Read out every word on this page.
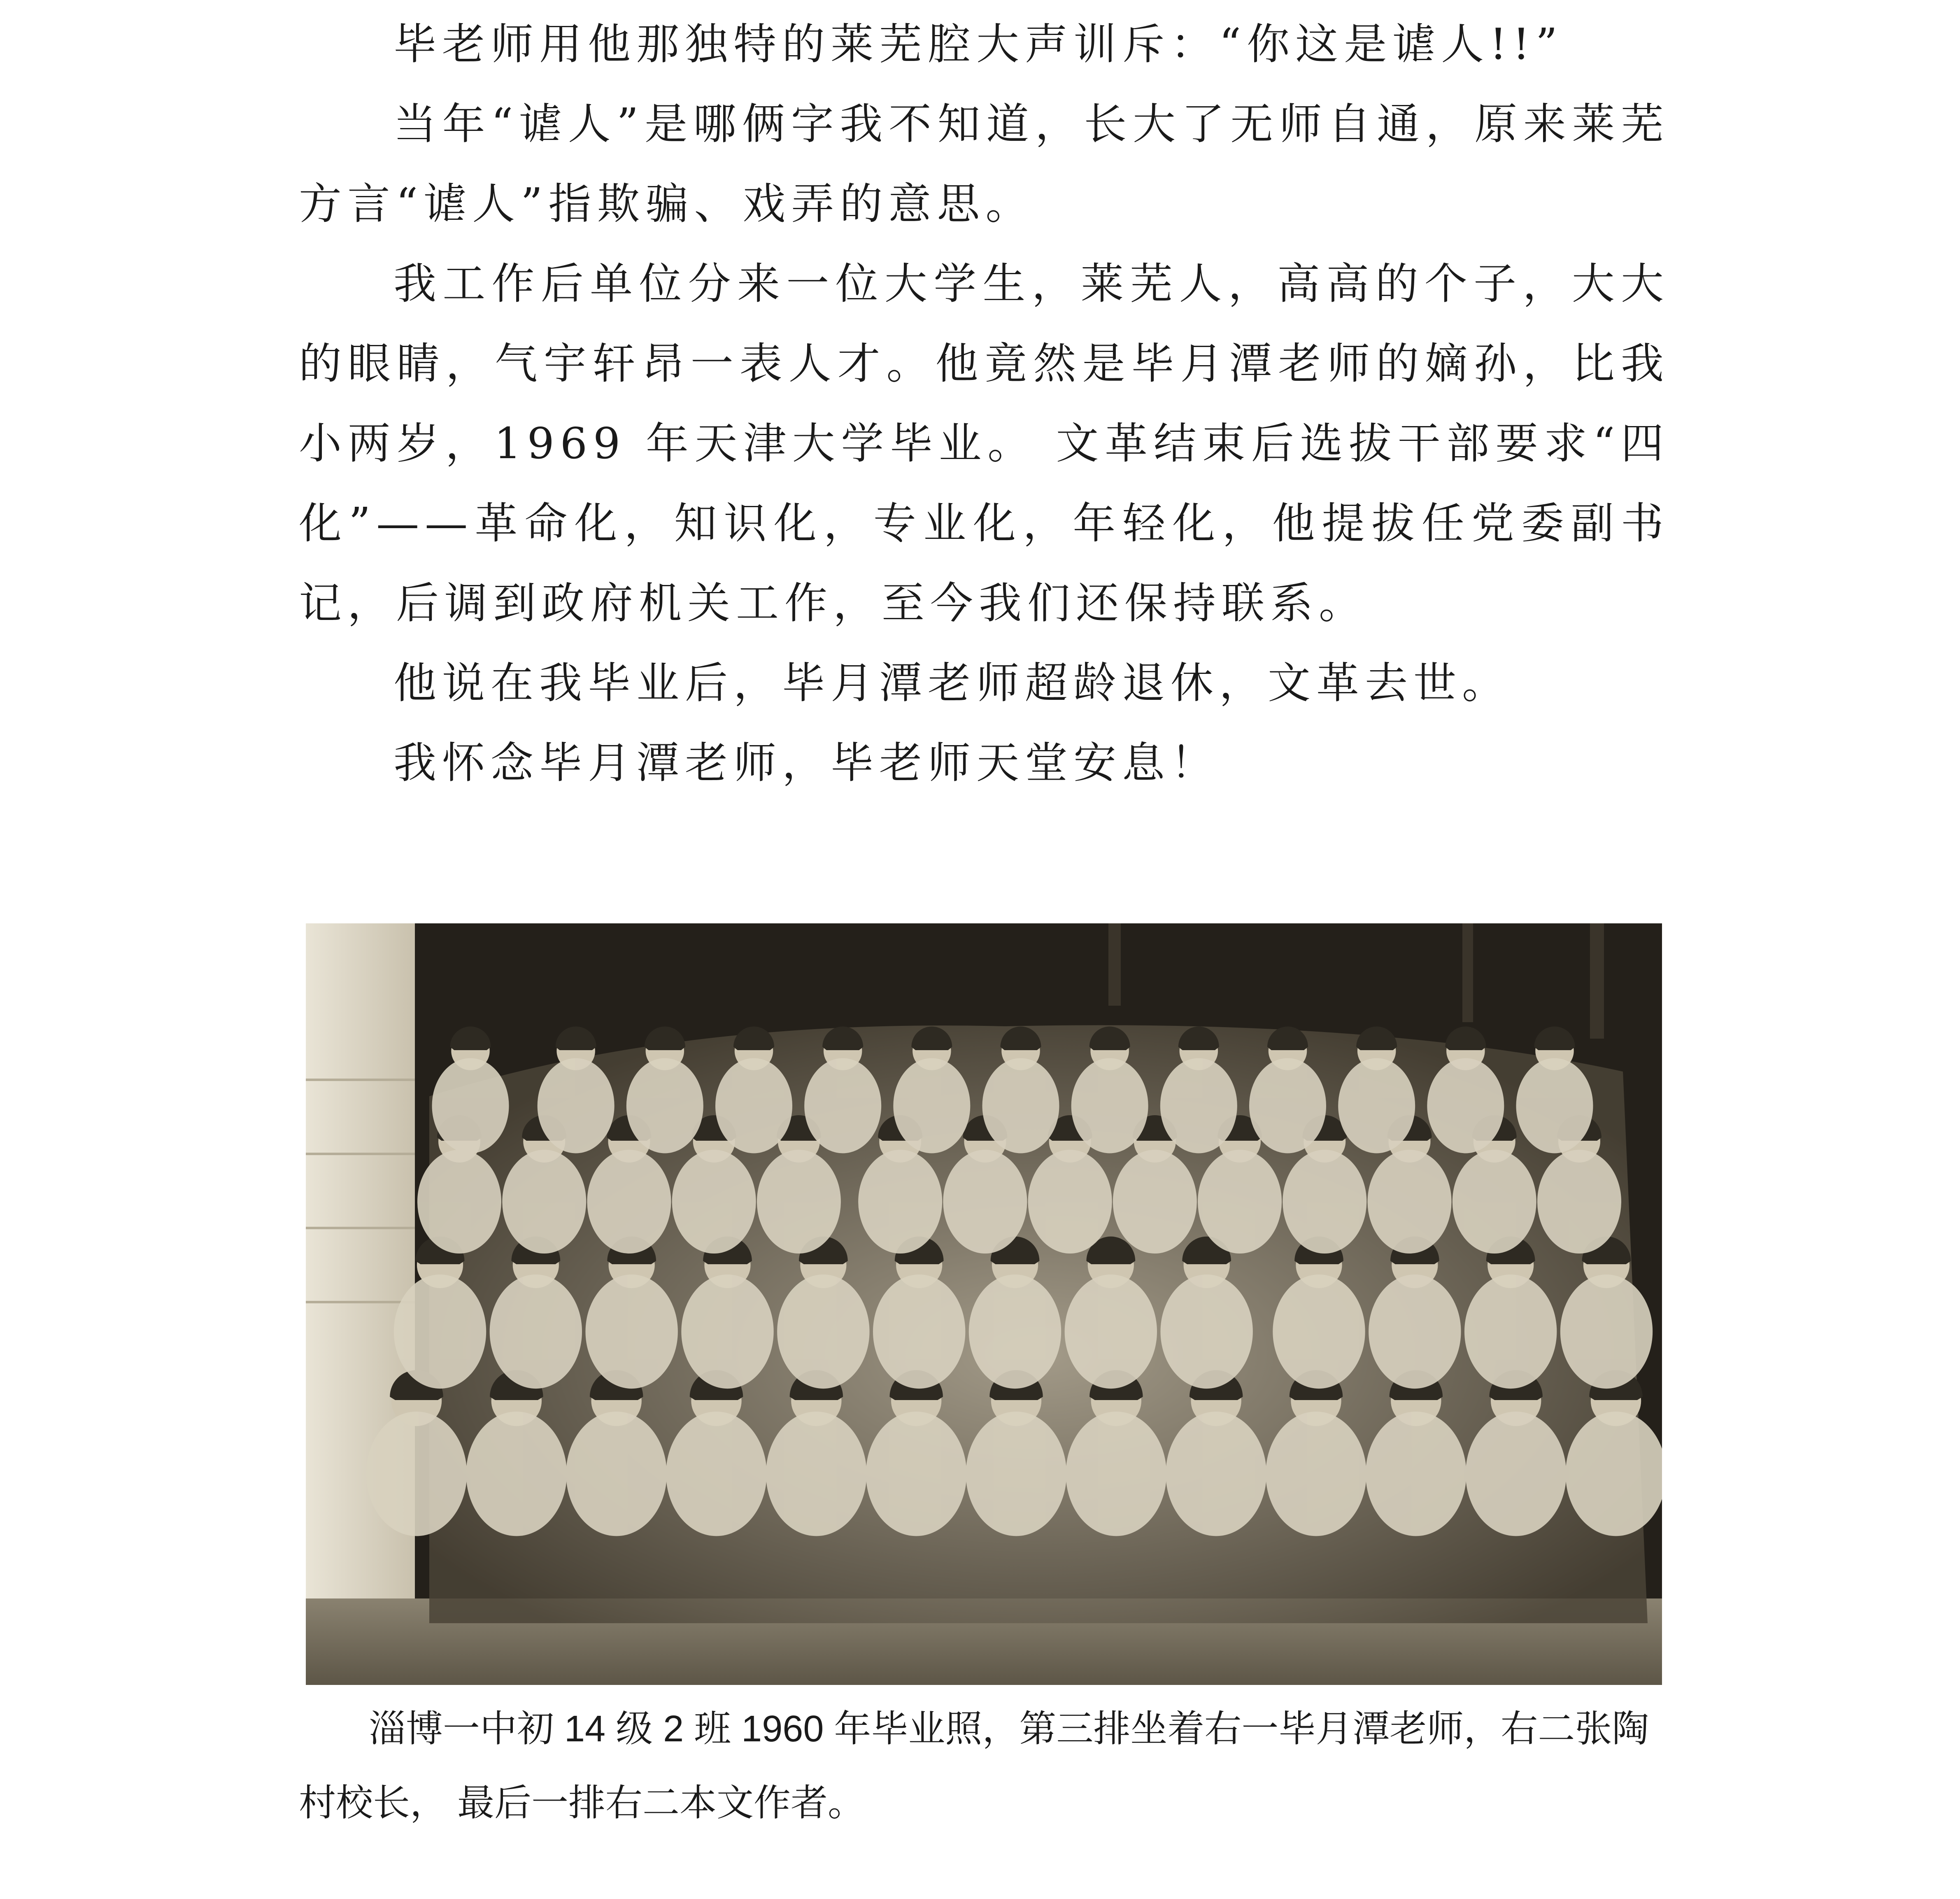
毕老师用他那独特的莱芜腔大声训斥：“你这是谑人!!”

当年“谑人”是哪俩字我不知道，长大了无师自通，原来莱芜方言“谑人”指欺骗、戏弄的意思。

我工作后单位分来一位大学生，莱芜人，高高的个子，大大的眼睛，气宇轩昂一表人才。他竟然是毕月潭老师的嫡孙，比我小两岁，1969 年天津大学毕业。 文革结束后选拔干部要求“四化”——革命化，知识化，专业化，年轻化，他提拔任党委副书记，后调到政府机关工作，至今我们还保持联系。

他说在我毕业后，毕月潭老师超龄退休，文革去世。

我怀念毕月潭老师，毕老师天堂安息！

淄博一中初 14 级 2 班 1960 年毕业照，第三排坐着右一毕月潭老师，右二张陶村校长， 最后一排右二本文作者。
